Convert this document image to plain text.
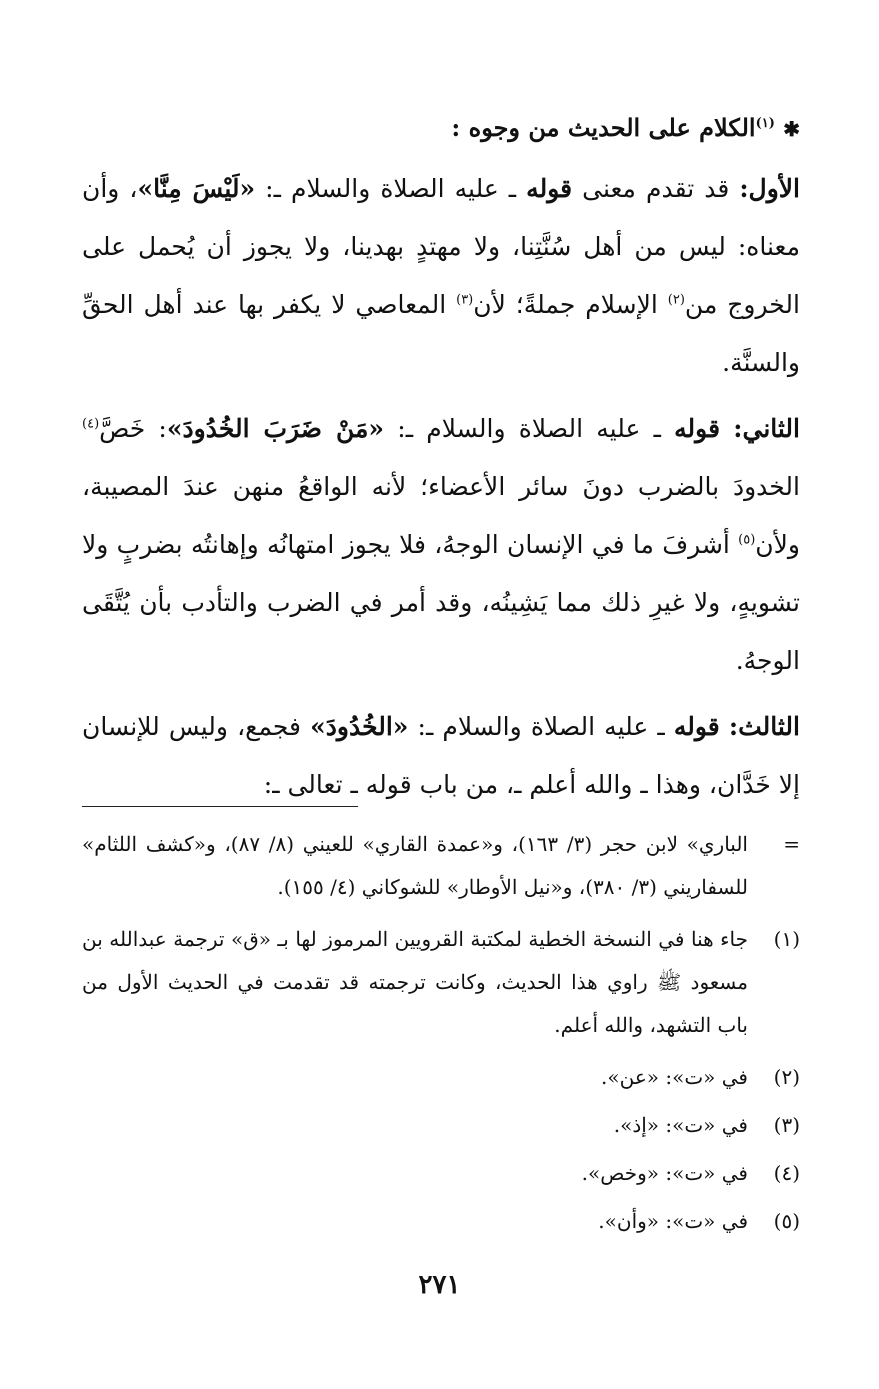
✱ $^{(١)}$الكلام على الحديث من وجوه :

الأول: قد تقدم معنى قوله ـ عليه الصلاة والسلام ـ: «لَيْسَ مِنَّا»، وأن معناه: ليس من أهل سُنَّتِنا، ولا مهتدٍ بهدينا، ولا يجوز أن يُحمل على الخروج من$^{(٢)}$ الإسلام جملةً؛ لأن$^{(٣)}$ المعاصي لا يكفر بها عند أهل الحقِّ والسنَّة.

الثاني: قوله ـ عليه الصلاة والسلام ـ: «مَنْ ضَرَبَ الخُدُودَ»: خَصَّ$^{(٤)}$ الخدودَ بالضرب دونَ سائر الأعضاء؛ لأنه الواقعُ منهن عندَ المصيبة، ولأن$^{(٥)}$ أشرفَ ما في الإنسان الوجهُ، فلا يجوز امتهانُه وإهانتُه بضربٍ ولا تشويهٍ، ولا غيرِ ذلك مما يَشِينُه، وقد أمر في الضرب والتأدب بأن يُتَّقَى الوجهُ.

الثالث: قوله ـ عليه الصلاة والسلام ـ: «الخُدُودَ» فجمع، وليس للإنسان إلا خَدَّان، وهذا ـ والله أعلم ـ، من باب قوله ـ تعالى ـ:

=
الباري» لابن حجر (٣/ ١٦٣)، و«عمدة القاري» للعيني (٨/ ٨٧)، و«كشف اللثام» للسفاريني (٣/ ٣٨٠)، و«نيل الأوطار» للشوكاني (٤/ ١٥٥).
(١)
جاء هنا في النسخة الخطية لمكتبة القرويين المرموز لها بـ «ق» ترجمة عبدالله بن مسعود ﷺ راوي هذا الحديث، وكانت ترجمته قد تقدمت في الحديث الأول من باب التشهد، والله أعلم.
(٢)
في «ت»: «عن».
(٣)
في «ت»: «إذ».
(٤)
في «ت»: «وخص».
(٥)
في «ت»: «وأن».
٢٧١
